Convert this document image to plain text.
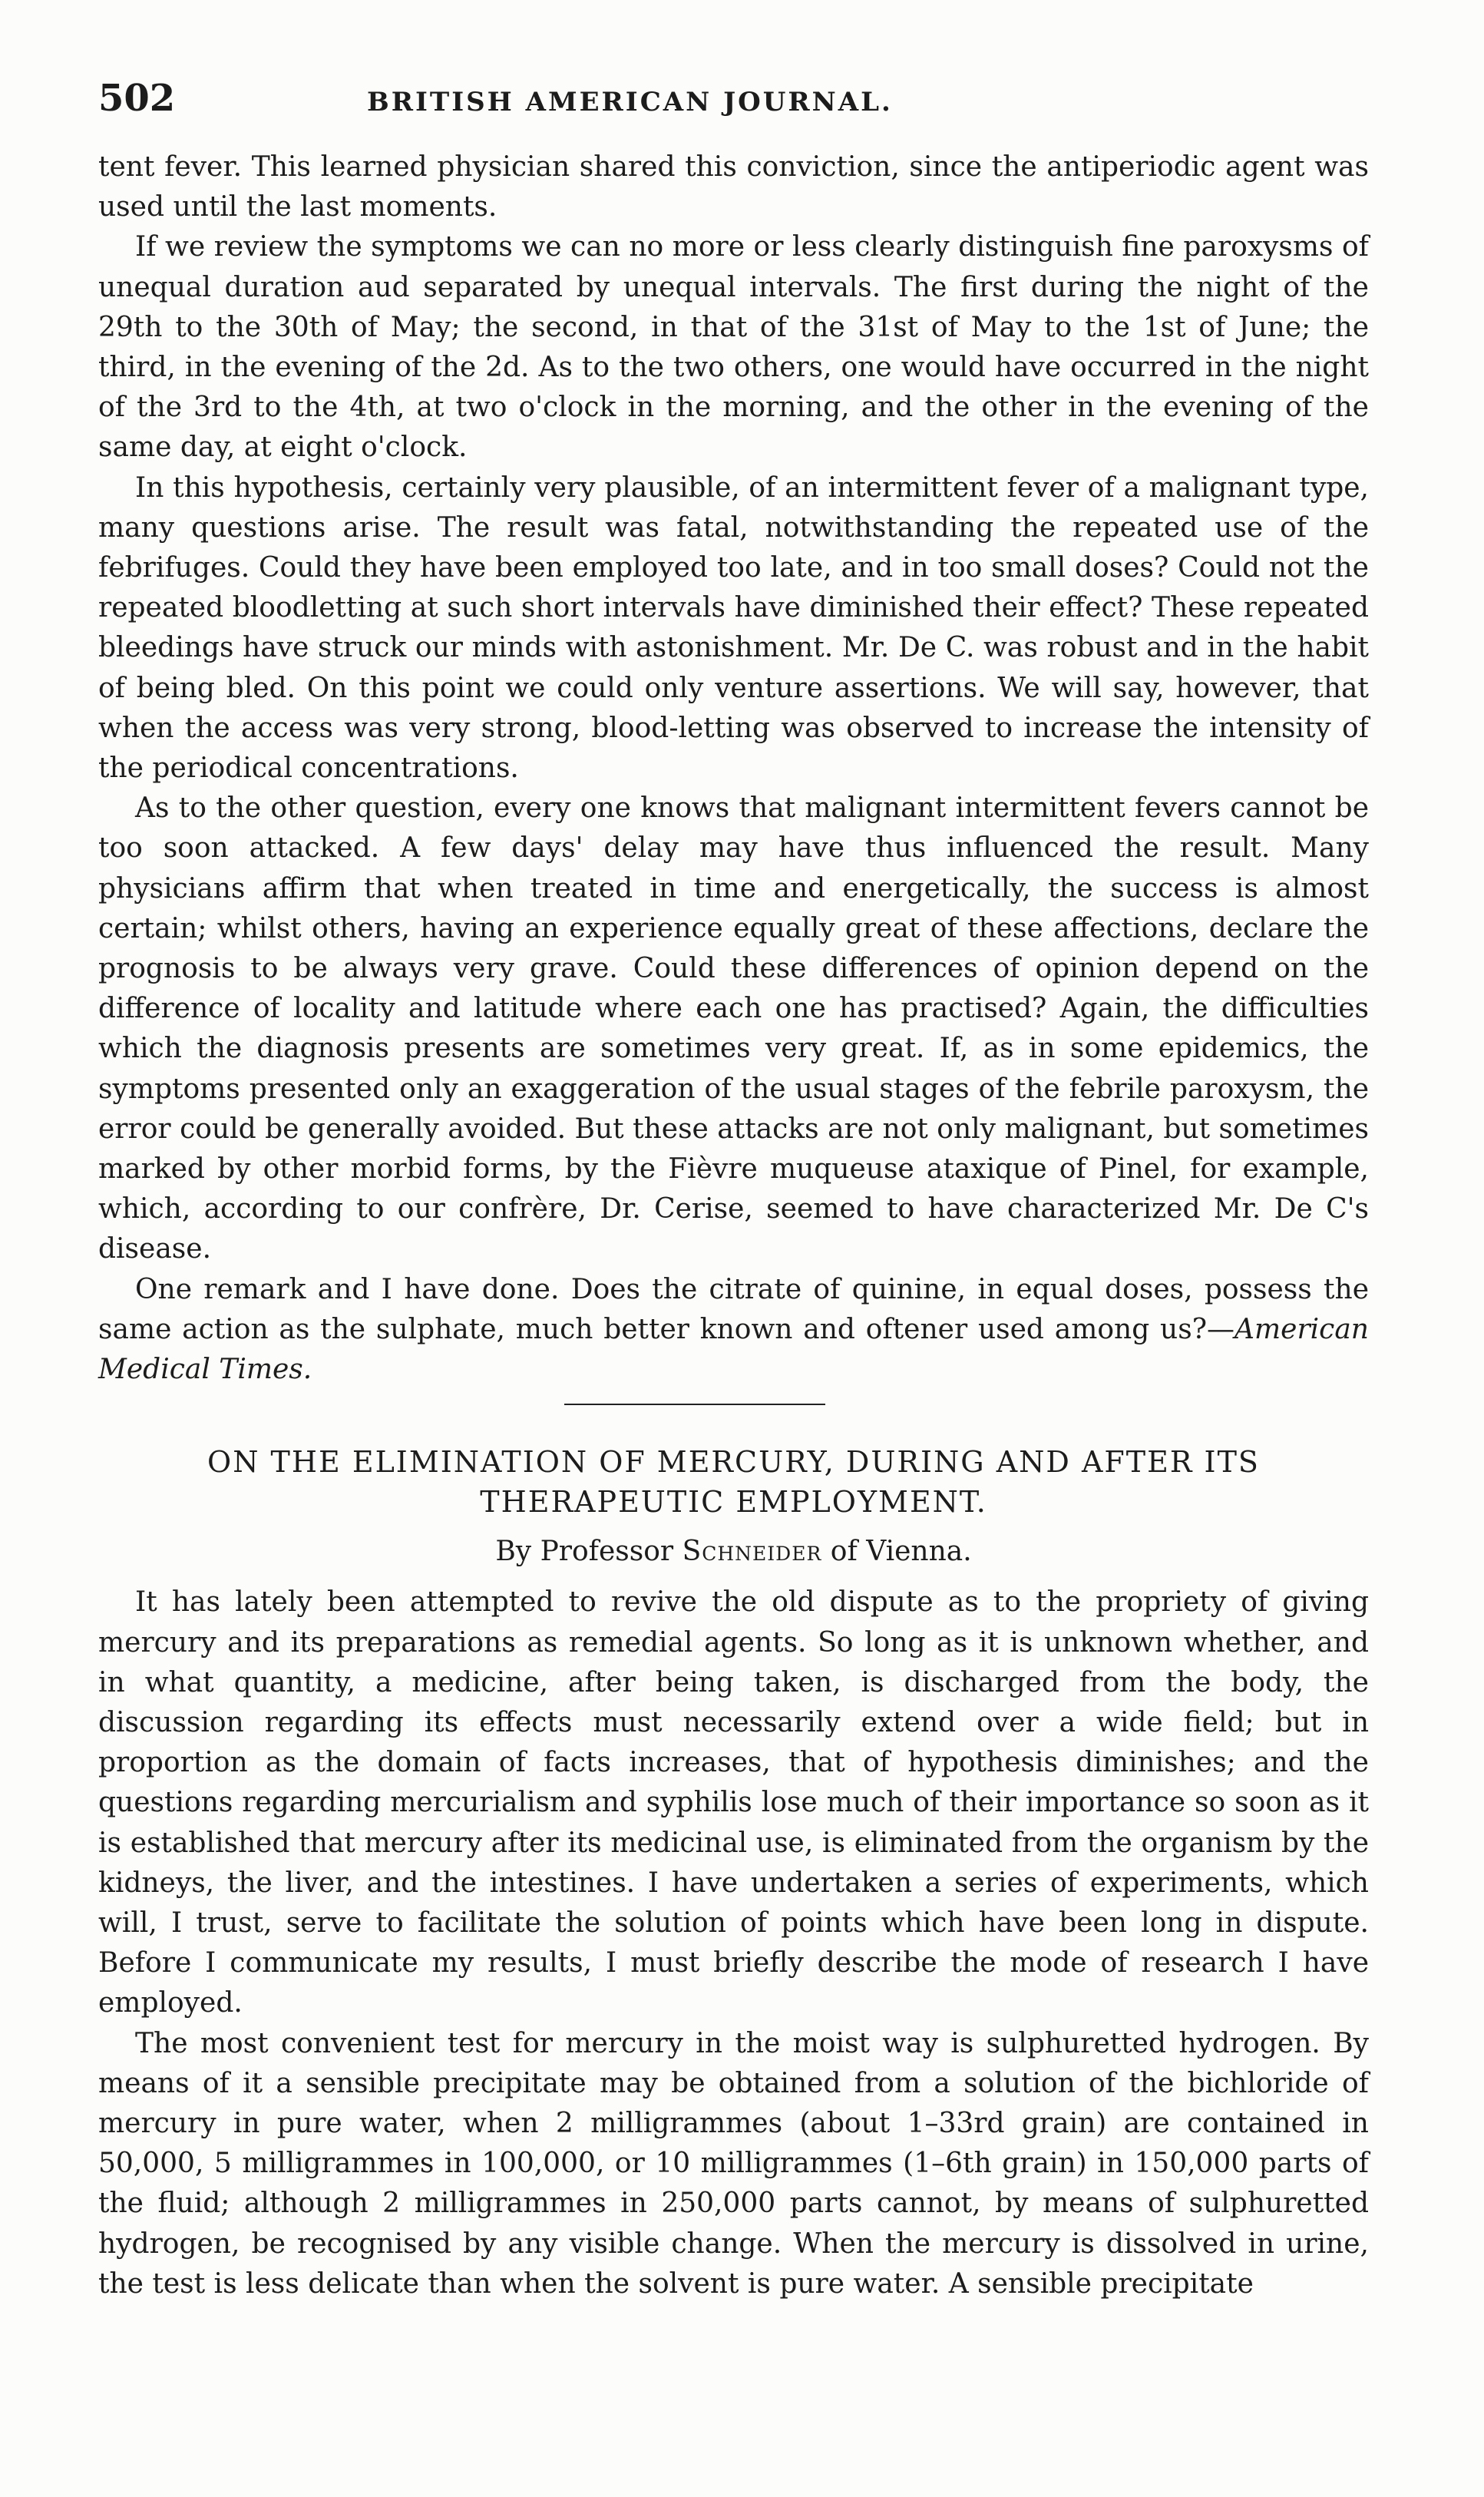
502	BRITISH AMERICAN JOURNAL.

tent fever. This learned physician shared this conviction, since the antiperiodic agent was used until the last moments.

If we review the symptoms we can no more or less clearly distinguish fine paroxysms of unequal duration aud separated by unequal intervals. The first during the night of the 29th to the 30th of May; the second, in that of the 31st of May to the 1st of June; the third, in the evening of the 2d. As to the two others, one would have occurred in the night of the 3rd to the 4th, at two o'clock in the morning, and the other in the evening of the same day, at eight o'clock.

In this hypothesis, certainly very plausible, of an intermittent fever of a malignant type, many questions arise. The result was fatal, notwithstanding the repeated use of the febrifuges. Could they have been employed too late, and in too small doses? Could not the repeated bloodletting at such short intervals have diminished their effect? These repeated bleedings have struck our minds with astonishment. Mr. De C. was robust and in the habit of being bled. On this point we could only venture assertions. We will say, however, that when the access was very strong, blood-letting was observed to increase the intensity of the periodical concentrations.

As to the other question, every one knows that malignant intermittent fevers cannot be too soon attacked. A few days' delay may have thus influenced the result. Many physicians affirm that when treated in time and energetically, the success is almost certain; whilst others, having an experience equally great of these affections, declare the prognosis to be always very grave. Could these differences of opinion depend on the difference of locality and latitude where each one has practised? Again, the difficulties which the diagnosis presents are sometimes very great. If, as in some epidemics, the symptoms presented only an exaggeration of the usual stages of the febrile paroxysm, the error could be generally avoided. But these attacks are not only malignant, but sometimes marked by other morbid forms, by the Fièvre muqueuse ataxique of Pinel, for example, which, according to our confrère, Dr. Cerise, seemed to have characterized Mr. De C's disease.

One remark and I have done. Does the citrate of quinine, in equal doses, possess the same action as the sulphate, much better known and oftener used among us?—American Medical Times.

ON THE ELIMINATION OF MERCURY, DURING AND AFTER ITS THERAPEUTIC EMPLOYMENT.
By Professor Schneider of Vienna.

It has lately been attempted to revive the old dispute as to the propriety of giving mercury and its preparations as remedial agents. So long as it is unknown whether, and in what quantity, a medicine, after being taken, is discharged from the body, the discussion regarding its effects must necessarily extend over a wide field; but in proportion as the domain of facts increases, that of hypothesis diminishes; and the questions regarding mercurialism and syphilis lose much of their importance so soon as it is established that mercury after its medicinal use, is eliminated from the organism by the kidneys, the liver, and the intestines. I have undertaken a series of experiments, which will, I trust, serve to facilitate the solution of points which have been long in dispute. Before I communicate my results, I must briefly describe the mode of research I have employed.

The most convenient test for mercury in the moist way is sulphuretted hydrogen. By means of it a sensible precipitate may be obtained from a solution of the bichloride of mercury in pure water, when 2 milligrammes (about 1–33rd grain) are contained in 50,000, 5 milligrammes in 100,000, or 10 milligrammes (1–6th grain) in 150,000 parts of the fluid; although 2 milligrammes in 250,000 parts cannot, by means of sulphuretted hydrogen, be recognised by any visible change. When the mercury is dissolved in urine, the test is less delicate than when the solvent is pure water. A sensible precipitate
